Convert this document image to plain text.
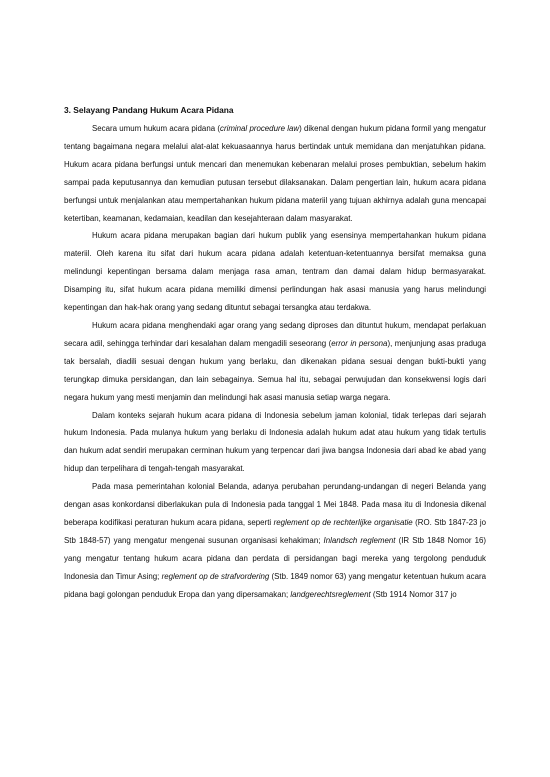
3. Selayang Pandang Hukum Acara Pidana

Secara umum hukum acara pidana (criminal procedure law) dikenal dengan hukum pidana formil yang mengatur tentang bagaimana negara melalui alat-alat kekuasaannya harus bertindak untuk memidana dan menjatuhkan pidana. Hukum acara pidana berfungsi untuk mencari dan menemukan kebenaran melalui proses pembuktian, sebelum hakim sampai pada keputusannya dan kemudian putusan tersebut dilaksanakan. Dalam pengertian lain, hukum acara pidana berfungsi untuk menjalankan atau mempertahankan hukum pidana materiil yang tujuan akhirnya adalah guna mencapai ketertiban, keamanan, kedamaian, keadilan dan kesejahteraan dalam masyarakat.

Hukum acara pidana merupakan bagian dari hukum publik yang esensinya mempertahankan hukum pidana materiil. Oleh karena itu sifat dari hukum acara pidana adalah ketentuan-ketentuannya bersifat memaksa guna melindungi kepentingan bersama dalam menjaga rasa aman, tentram dan damai dalam hidup bermasyarakat. Disamping itu, sifat hukum acara pidana memiliki dimensi perlindungan hak asasi manusia yang harus melindungi kepentingan dan hak-hak orang yang sedang dituntut sebagai tersangka atau terdakwa.

Hukum acara pidana menghendaki agar orang yang sedang diproses dan dituntut hukum, mendapat perlakuan secara adil, sehingga terhindar dari kesalahan dalam mengadili seseorang (error in persona), menjunjung asas praduga tak bersalah, diadili sesuai dengan hukum yang berlaku, dan dikenakan pidana sesuai dengan bukti-bukti yang terungkap dimuka persidangan, dan lain sebagainya. Semua hal itu, sebagai perwujudan dan konsekwensi logis dari negara hukum yang mesti menjamin dan melindungi hak asasi manusia setiap warga negara.

Dalam konteks sejarah hukum acara pidana di Indonesia sebelum jaman kolonial, tidak terlepas dari sejarah hukum Indonesia. Pada mulanya hukum yang berlaku di Indonesia adalah hukum adat atau hukum yang tidak tertulis dan hukum adat sendiri merupakan cerminan hukum yang terpencar dari jiwa bangsa Indonesia dari abad ke abad yang hidup dan terpelihara di tengah-tengah masyarakat.

Pada masa pemerintahan kolonial Belanda, adanya perubahan perundang-undangan di negeri Belanda yang dengan asas konkordansi diberlakukan pula di Indonesia pada tanggal 1 Mei 1848. Pada masa itu di Indonesia dikenal beberapa kodifikasi peraturan hukum acara pidana, seperti reglement op de rechterlijke organisatie (RO. Stb 1847-23 jo Stb 1848-57) yang mengatur mengenai susunan organisasi kehakiman; Inlandsch reglement (IR Stb 1848 Nomor 16) yang mengatur tentang hukum acara pidana dan perdata di persidangan bagi mereka yang tergolong penduduk Indonesia dan Timur Asing; reglement op de strafvordering (Stb. 1849 nomor 63) yang mengatur ketentuan hukum acara pidana bagi golongan penduduk Eropa dan yang dipersamakan; landgerechtsreglement (Stb 1914 Nomor 317 jo
